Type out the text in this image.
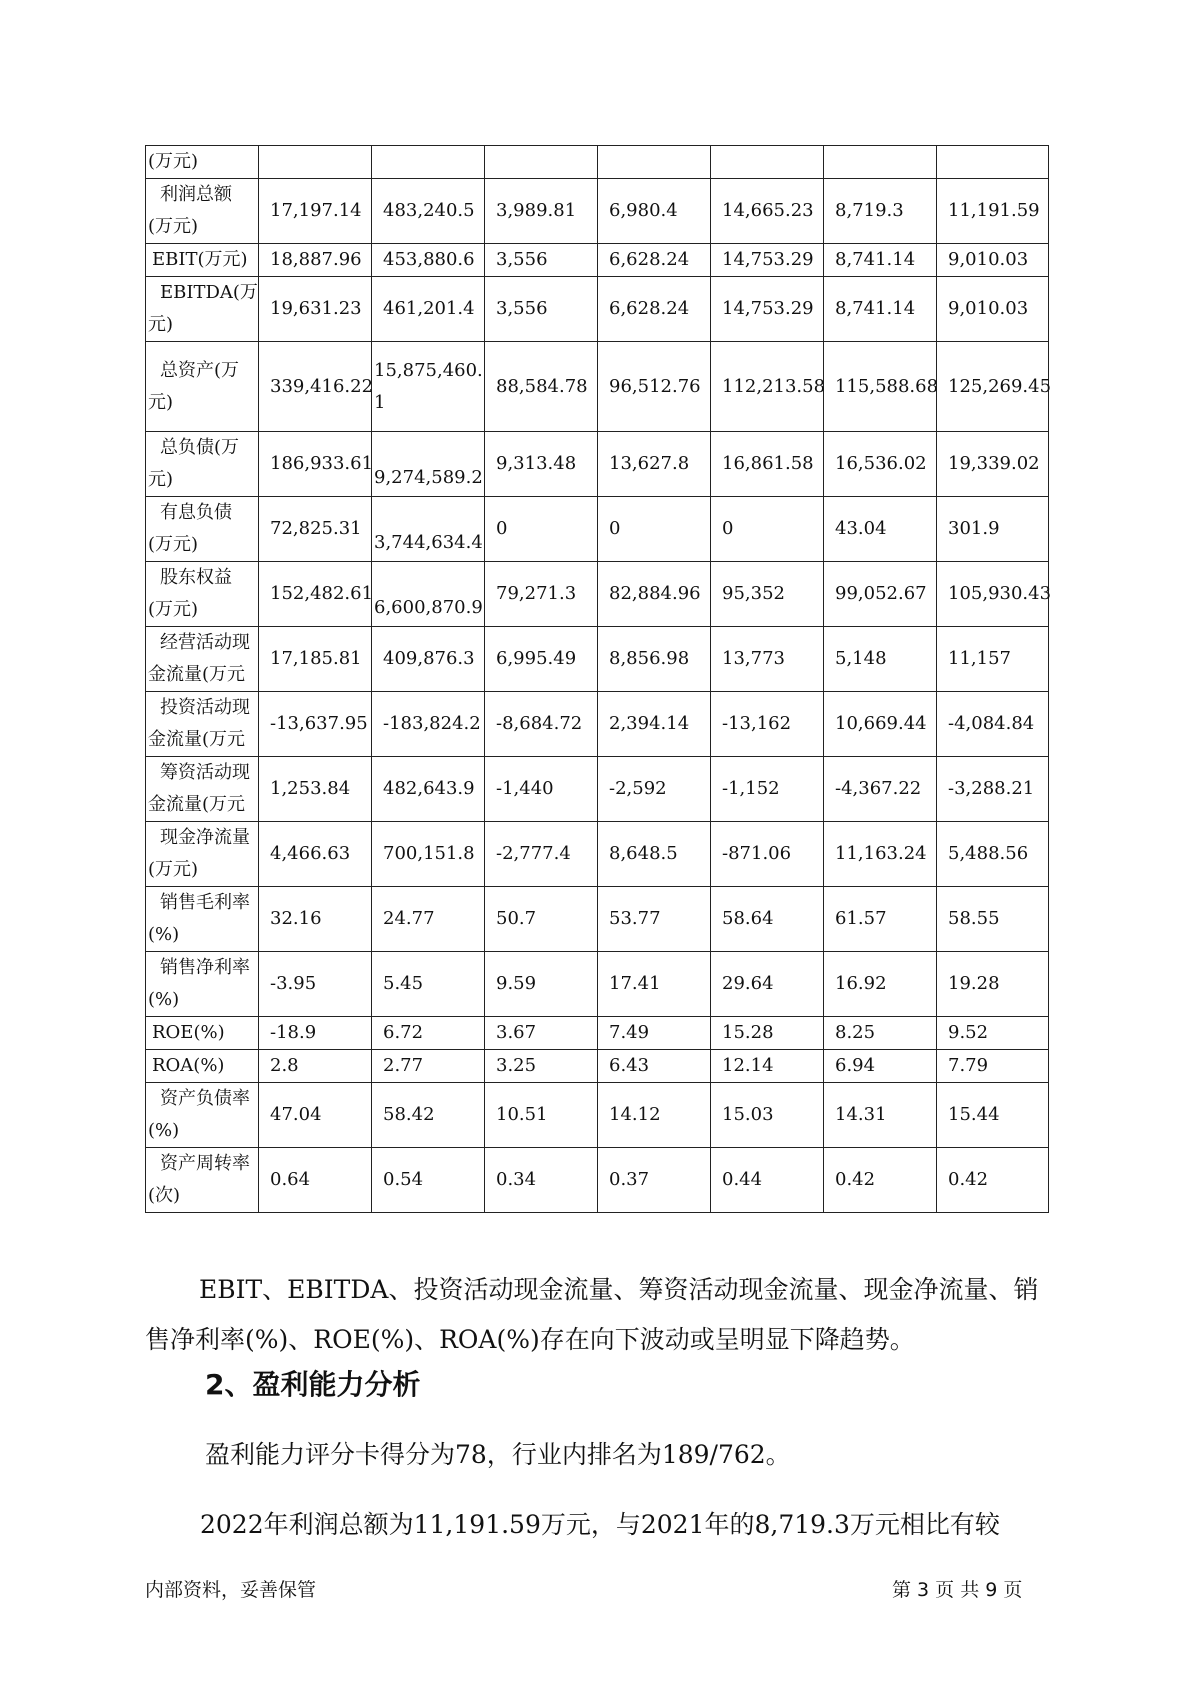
(万元)							

利润总额
(万元)	17,197.14	483,240.5	3,989.81	6,980.4	14,665.23	8,719.3	11,191.59

EBIT(万元)	18,887.96	453,880.6	3,556	6,628.24	14,753.29	8,741.14	9,010.03

EBITDA(万
元)	19,631.23	461,201.4	3,556	6,628.24	14,753.29	8,741.14	9,010.03

总资产(万
元)	339,416.22	15,875,460.1	88,584.78	96,512.76	112,213.58	115,588.68	125,269.45

总负债(万
元)	186,933.61	9,274,589.2	9,313.48	13,627.8	16,861.58	16,536.02	19,339.02

有息负债
(万元)	72,825.31	3,744,634.4	0	0	0	43.04	301.9

股东权益
(万元)	152,482.61	6,600,870.9	79,271.3	82,884.96	95,352	99,052.67	105,930.43

经营活动现
金流量(万元	17,185.81	409,876.3	6,995.49	8,856.98	13,773	5,148	11,157

投资活动现
金流量(万元	-13,637.95	-183,824.2	-8,684.72	2,394.14	-13,162	10,669.44	-4,084.84

筹资活动现
金流量(万元	1,253.84	482,643.9	-1,440	-2,592	-1,152	-4,367.22	-3,288.21

现金净流量
(万元)	4,466.63	700,151.8	-2,777.4	8,648.5	-871.06	11,163.24	5,488.56

销售毛利率
(%)	32.16	24.77	50.7	53.77	58.64	61.57	58.55

销售净利率
(%)	-3.95	5.45	9.59	17.41	29.64	16.92	19.28

ROE(%)	-18.9	6.72	3.67	7.49	15.28	8.25	9.52

ROA(%)	2.8	2.77	3.25	6.43	12.14	6.94	7.79

资产负债率
(%)	47.04	58.42	10.51	14.12	15.03	14.31	15.44

资产周转率
(次)	0.64	0.54	0.34	0.37	0.44	0.42	0.42
EBIT、EBITDA、投资活动现金流量、筹资活动现金流量、现金净流量、销售净利率(%)、ROE(%)、ROA(%)存在向下波动或呈明显下降趋势。
2、盈利能力分析
盈利能力评分卡得分为78，行业内排名为189/762。
2022年利润总额为11,191.59万元，与2021年的8,719.3万元相比有较
内部资料，妥善保管	第 3 页 共 9 页
